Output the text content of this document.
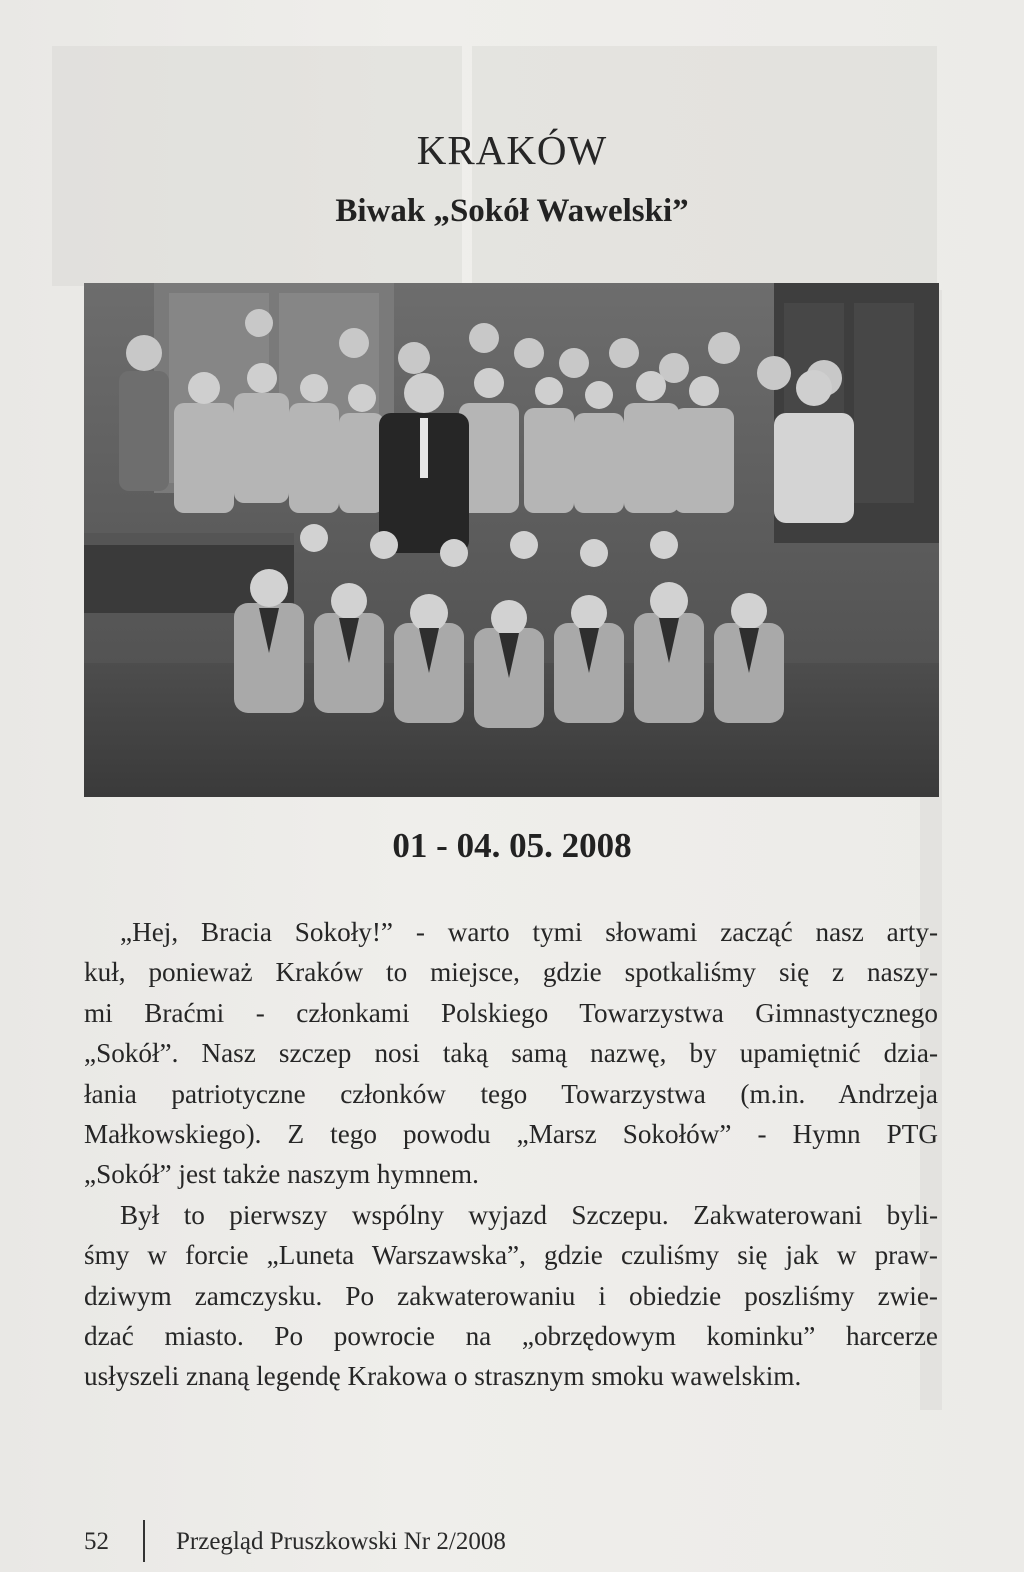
KRAKÓW
Biwak „Sokół Wawelski”
01 - 04. 05. 2008

„Hej, Bracia Sokoły!” - warto tymi słowami zacząć nasz arty-
kuł, ponieważ Kraków to miejsce, gdzie spotkaliśmy się z naszy-
mi Braćmi - członkami Polskiego Towarzystwa Gimnastycznego
„Sokół”. Nasz szczep nosi taką samą nazwę, by upamiętnić dzia-
łania patriotyczne członków tego Towarzystwa (m.in. Andrzeja
Małkowskiego). Z tego powodu „Marsz Sokołów” - Hymn PTG
„Sokół” jest także naszym hymnem.

Był to pierwszy wspólny wyjazd Szczepu. Zakwaterowani byli-
śmy w forcie „Luneta Warszawska”, gdzie czuliśmy się jak w praw-
dziwym zamczysku. Po zakwaterowaniu i obiedzie poszliśmy zwie-
dzać miasto. Po powrocie na „obrzędowym kominku” harcerze
usłyszeli znaną legendę Krakowa o strasznym smoku wawelskim.

52	Przegląd Pruszkowski Nr 2/2008
